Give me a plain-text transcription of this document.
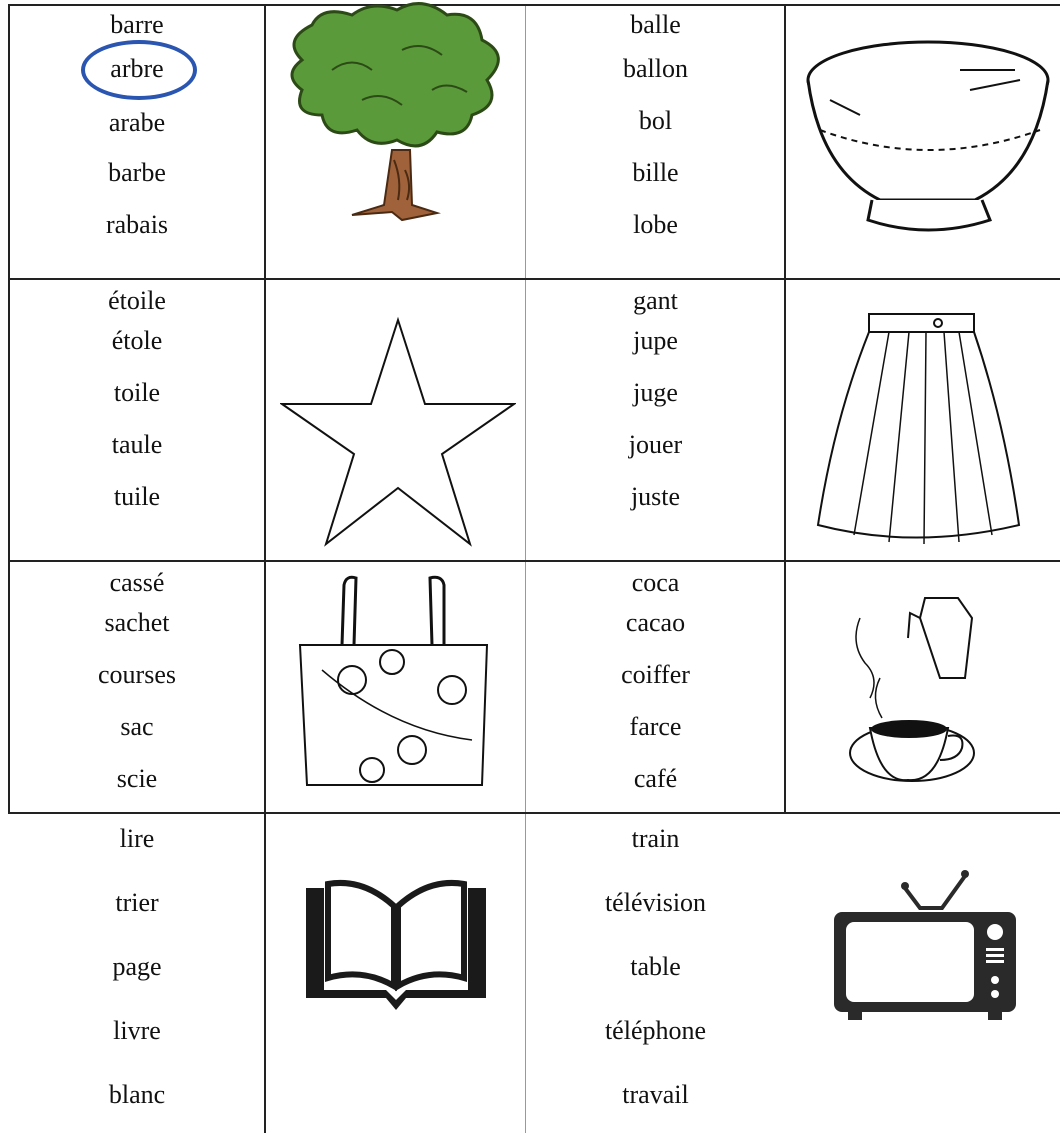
barre
arbre
arabe
barbe
rabais
balle
ballon
bol
bille
lobe
étoile
étole
toile
taule
tuile
gant
jupe
juge
jouer
juste
cassé
sachet
courses
sac
scie
coca
cacao
coiffer
farce
café
lire
trier
page
livre
blanc
train
télévision
table
téléphone
travail
